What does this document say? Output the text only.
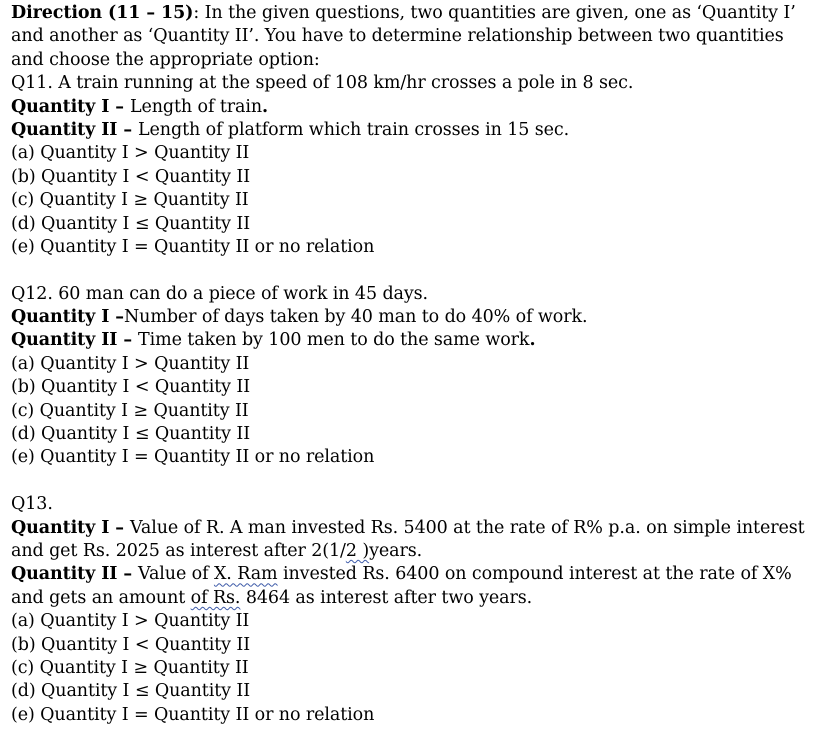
Direction (11 – 15): In the given questions, two quantities are given, one as ‘Quantity I’
and another as ‘Quantity II’. You have to determine relationship between two quantities
and choose the appropriate option:
Q11. A train running at the speed of 108 km/hr crosses a pole in 8 sec.
Quantity I – Length of train.
Quantity II – Length of platform which train crosses in 15 sec.
(a) Quantity I > Quantity II
(b) Quantity I < Quantity II
(c) Quantity I ≥ Quantity II
(d) Quantity I ≤ Quantity II
(e) Quantity I = Quantity II or no relation
Q12. 60 man can do a piece of work in 45 days.
Quantity I –Number of days taken by 40 man to do 40% of work.
Quantity II – Time taken by 100 men to do the same work.
(a) Quantity I > Quantity II
(b) Quantity I < Quantity II
(c) Quantity I ≥ Quantity II
(d) Quantity I ≤ Quantity II
(e) Quantity I = Quantity II or no relation
Q13.
Quantity I – Value of R. A man invested Rs. 5400 at the rate of R% p.a. on simple interest
and get Rs. 2025 as interest after 2(1/2 )years.
Quantity II – Value of X. Ram invested Rs. 6400 on compound interest at the rate of X%
and gets an amount of Rs. 8464 as interest after two years.
(a) Quantity I > Quantity II
(b) Quantity I < Quantity II
(c) Quantity I ≥ Quantity II
(d) Quantity I ≤ Quantity II
(e) Quantity I = Quantity II or no relation
